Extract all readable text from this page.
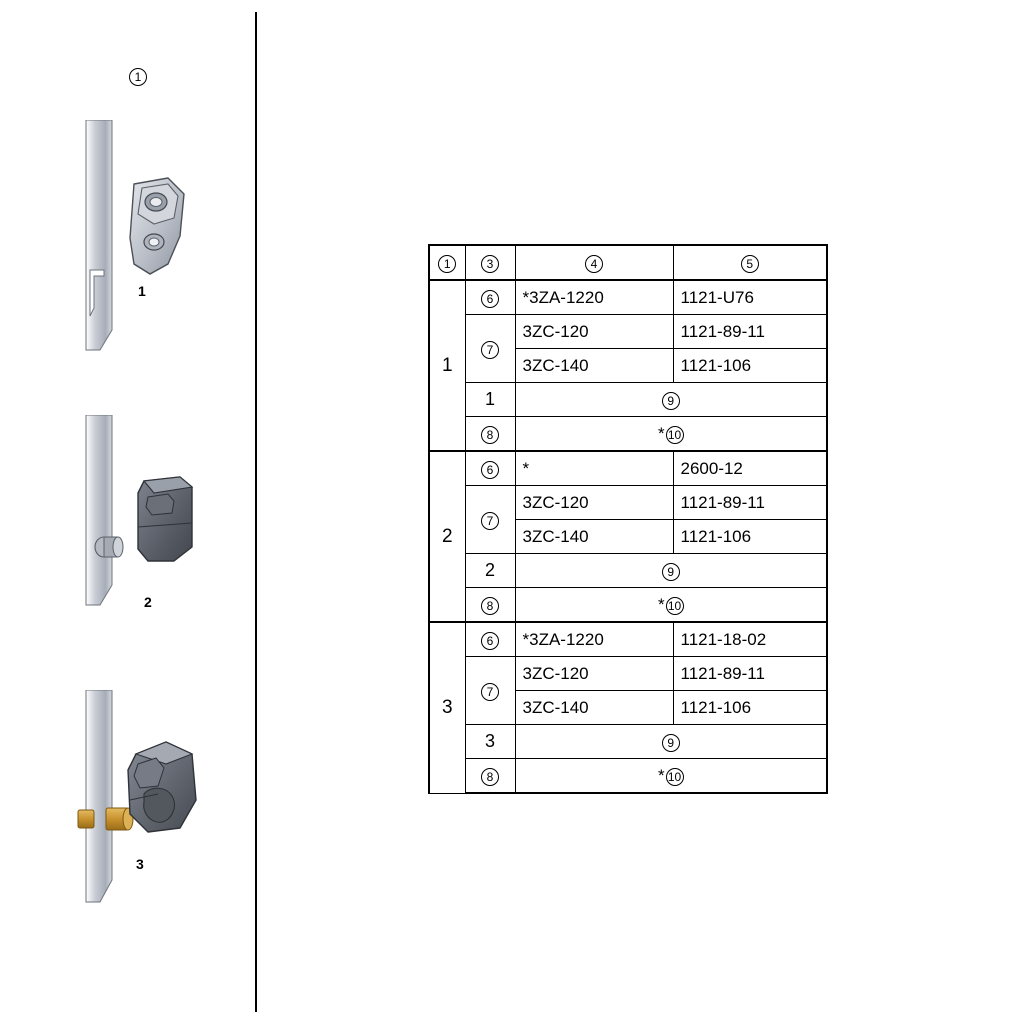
1
1
2
3
1	3	4	5
1	6	*3ZA-1220	1121-U76
	7	3ZC-120	1121-89-11
		3ZC-140	1121-106
	1	9	
	8	* 10	
2	6	*	2600-12
	7	3ZC-120	1121-89-11
		3ZC-140	1121-106
	2	9	
	8	* 10	
3	6	*3ZA-1220	1121-18-02
	7	3ZC-120	1121-89-11
		3ZC-140	1121-106
	3	9	
	8	* 10	
